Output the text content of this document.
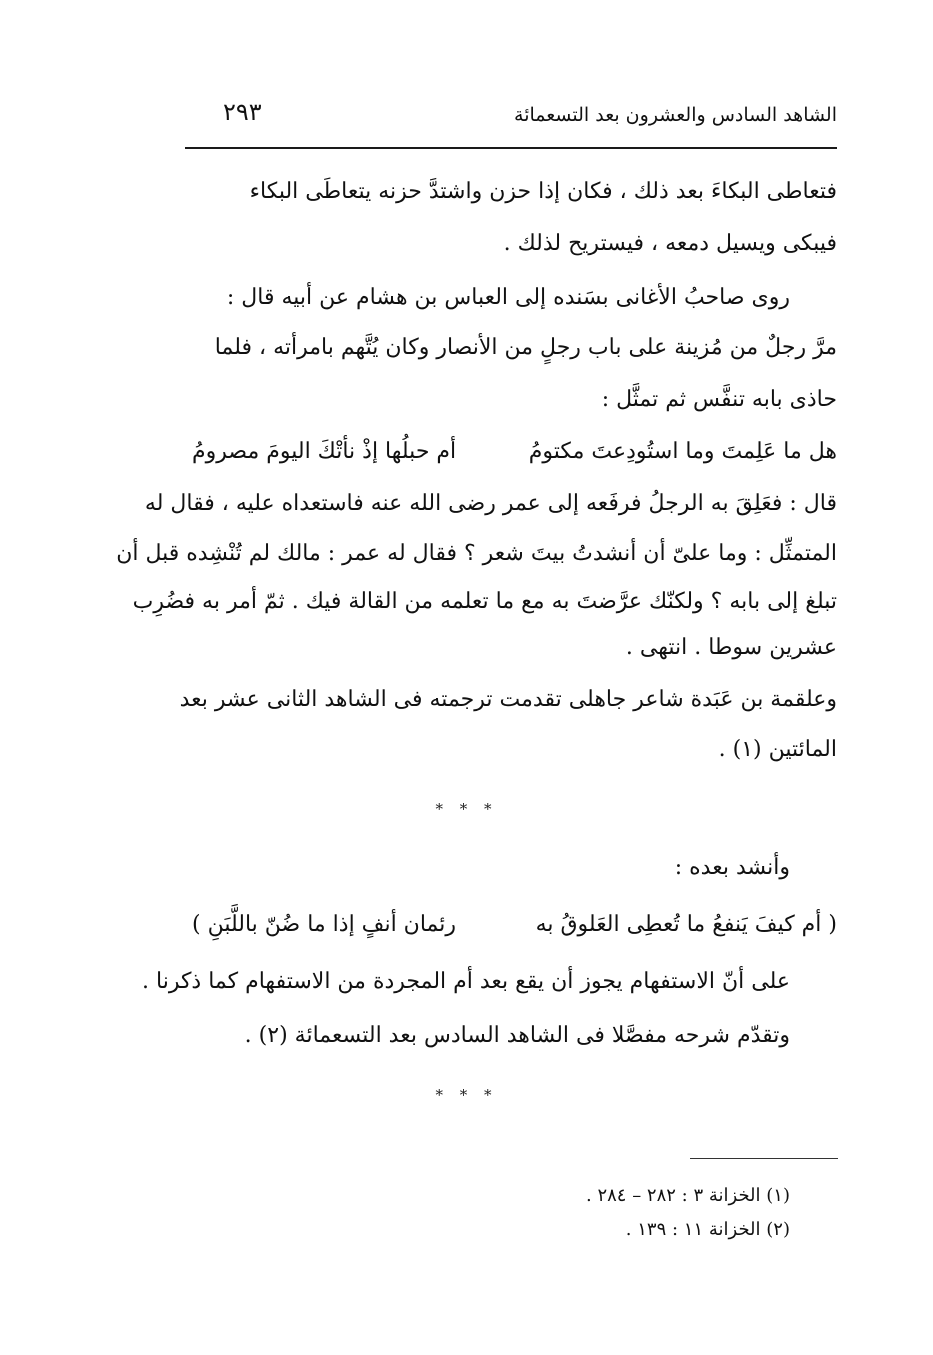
الشاهد السادس والعشرون بعد التسعمائة
٢٩٣
فتعاطى البكاءَ بعد ذلك ، فكان إذا حزن واشتدَّ حزنه يتعاطَى البكاء
فيبكى ويسيل دمعه ، فيستريح لذلك .
روى صاحبُ الأغانى بسَنده إلى العباس بن هشام عن أبيه قال :
مرَّ رجلٌ من مُزينة على باب رجلٍ من الأنصار وكان يُتَّهم بامرأته ، فلما
حاذى بابه تنفَّس ثم تمثَّل :
هل ما عَلِمتَ وما استُودِعتَ مكتومُ
أم حبلُها إذْ نأتْكَ اليومَ مصرومُ
قال : فعَلِقَ به الرجلُ فرفَعه إلى عمر رضى الله عنه فاستعداه عليه ، فقال له
المتمثِّل : وما علىّ أن أنشدتُ بيتَ شعر ؟ فقال له عمر : مالك لم تُنْشِده قبل أن
تبلغ إلى بابه ؟ ولكنّك عرَّضتَ به مع ما تعلمه من القالة فيك . ثمّ أمر به فضُرِب
عشرين سوطا . انتهى .
وعلقمة بن عَبَدة شاعر جاهلى تقدمت ترجمته فى الشاهد الثانى عشر بعد
المائتين (١) .
* * *
وأنشد بعده :
( أم كيفَ يَنفعُ ما تُعطِى العَلوقُ به
رئمان أنفٍ إذا ما ضُنّ باللَّبَنِ )
على أنّ الاستفهام يجوز أن يقع بعد أم المجردة من الاستفهام كما ذكرنا .
وتقدّم شرحه مفصَّلا فى الشاهد السادس بعد التسعمائة (٢) .
* * *
(١) الخزانة ٣ : ٢٨٢ – ٢٨٤ .
(٢) الخزانة ١١ : ١٣٩ .
